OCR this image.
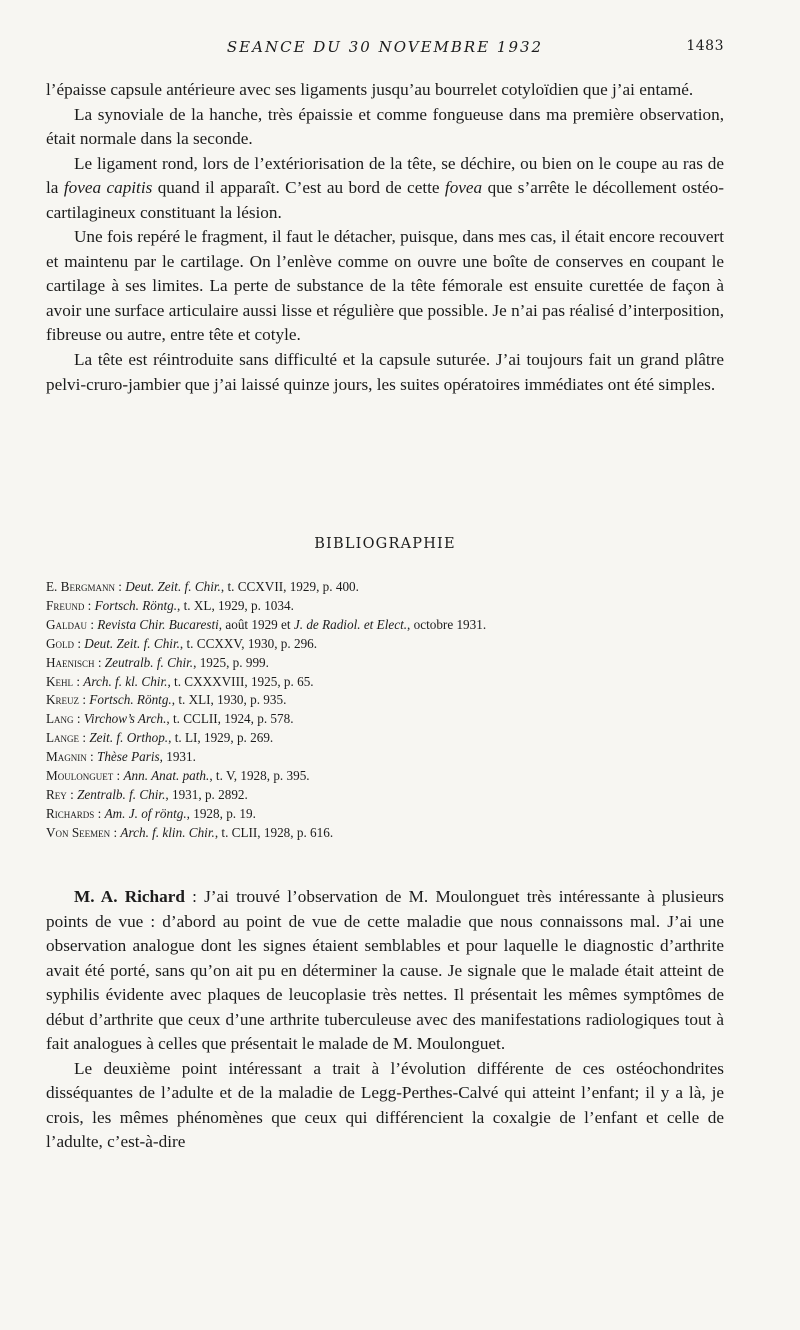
SEANCE DU 30 NOVEMBRE 1932	1483

l’épaisse capsule antérieure avec ses ligaments jusqu’au bourrelet cotyloïdien que j’ai entamé.

La synoviale de la hanche, très épaissie et comme fongueuse dans ma première observation, était normale dans la seconde.

Le ligament rond, lors de l’extériorisation de la tête, se déchire, ou bien on le coupe au ras de la fovea capitis quand il apparaît. C’est au bord de cette fovea que s’arrête le décollement ostéo-cartilagineux constituant la lésion.

Une fois repéré le fragment, il faut le détacher, puisque, dans mes cas, il était encore recouvert et maintenu par le cartilage. On l’enlève comme on ouvre une boîte de conserves en coupant le cartilage à ses limites. La perte de substance de la tête fémorale est ensuite curettée de façon à avoir une surface articulaire aussi lisse et régulière que possible. Je n’ai pas réalisé d’interposition, fibreuse ou autre, entre tête et cotyle.

La tête est réintroduite sans difficulté et la capsule suturée. J’ai toujours fait un grand plâtre pelvi-cruro-jambier que j’ai laissé quinze jours, les suites opératoires immédiates ont été simples.

BIBLIOGRAPHIE
E. Bergmann : Deut. Zeit. f. Chir., t. CCXVII, 1929, p. 400.
Freund : Fortsch. Röntg., t. XL, 1929, p. 1034.
Galdau : Revista Chir. Bucaresti, août 1929 et J. de Radiol. et Elect., octobre 1931.
Gold : Deut. Zeit. f. Chir., t. CCXXV, 1930, p. 296.
Haenisch : Zeutralb. f. Chir., 1925, p. 999.
Kehl : Arch. f. kl. Chir., t. CXXXVIII, 1925, p. 65.
Kreuz : Fortsch. Röntg., t. XLI, 1930, p. 935.
Lang : Virchow’s Arch., t. CCLII, 1924, p. 578.
Lange : Zeit. f. Orthop., t. LI, 1929, p. 269.
Magnin : Thèse Paris, 1931.
Moulonguet : Ann. Anat. path., t. V, 1928, p. 395.
Rey : Zentralb. f. Chir., 1931, p. 2892.
Richards : Am. J. of röntg., 1928, p. 19.
Von Seemen : Arch. f. klin. Chir., t. CLII, 1928, p. 616.

M. A. Richard : J’ai trouvé l’observation de M. Moulonguet très intéressante à plusieurs points de vue : d’abord au point de vue de cette maladie que nous connaissons mal. J’ai une observation analogue dont les signes étaient semblables et pour laquelle le diagnostic d’arthrite avait été porté, sans qu’on ait pu en déterminer la cause. Je signale que le malade était atteint de syphilis évidente avec plaques de leucoplasie très nettes. Il présentait les mêmes symptômes de début d’arthrite que ceux d’une arthrite tuberculeuse avec des manifestations radiologiques tout à fait analogues à celles que présentait le malade de M. Moulonguet.

Le deuxième point intéressant a trait à l’évolution différente de ces ostéochondrites disséquantes de l’adulte et de la maladie de Legg-Perthes-Calvé qui atteint l’enfant; il y a là, je crois, les mêmes phénomènes que ceux qui différencient la coxalgie de l’enfant et celle de l’adulte, c’est-à-dire
